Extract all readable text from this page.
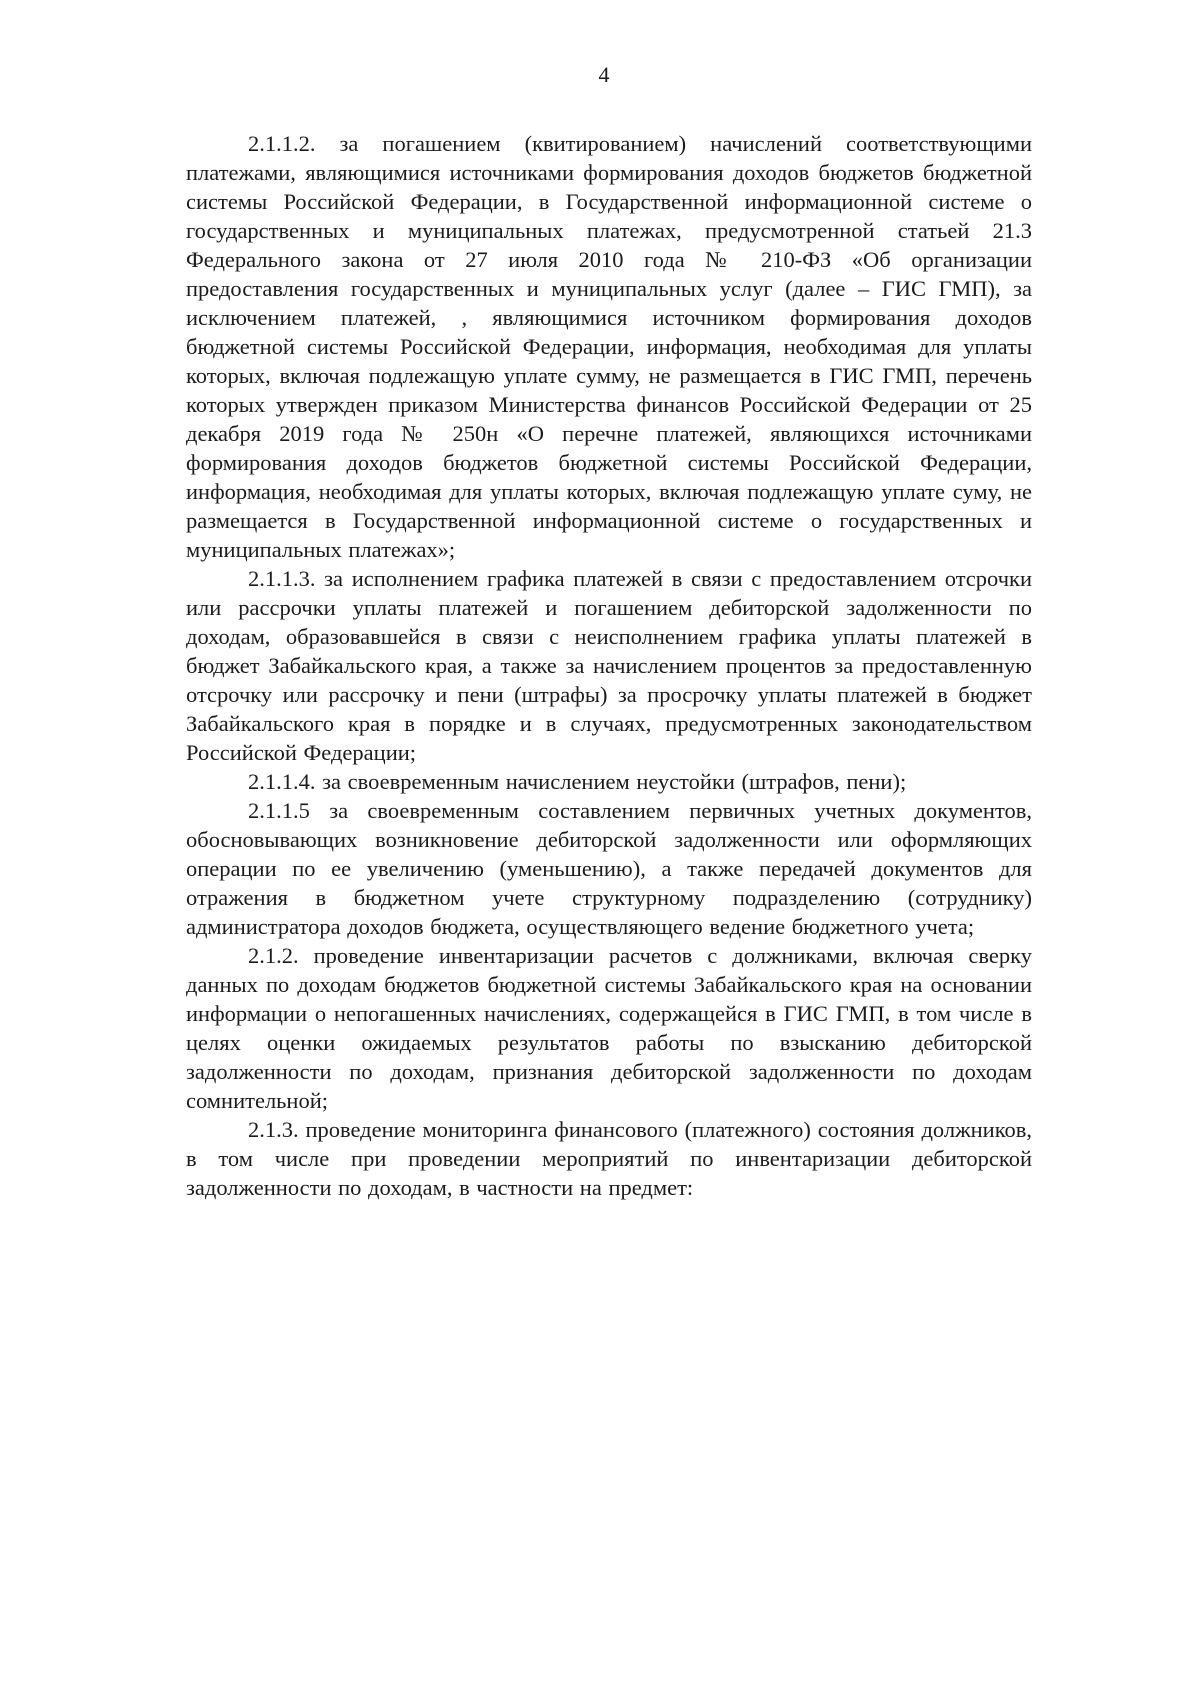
4

2.1.1.2. за погашением (квитированием) начислений соответствующими платежами, являющимися источниками формирования доходов бюджетов бюджетной системы Российской Федерации, в Государственной информационной системе о государственных и муниципальных платежах, предусмотренной статьей 21.3 Федерального закона от 27 июля 2010 года № 210-ФЗ «Об организации предоставления государственных и муниципальных услуг (далее – ГИС ГМП), за исключением платежей, , являющимися источником формирования доходов бюджетной системы Российской Федерации, информация, необходимая для уплаты которых, включая подлежащую уплате сумму, не размещается в ГИС ГМП, перечень которых утвержден приказом Министерства финансов Российской Федерации от 25 декабря 2019 года № 250н «О перечне платежей, являющихся источниками формирования доходов бюджетов бюджетной системы Российской Федерации, информация, необходимая для уплаты которых, включая подлежащую уплате суму, не размещается в Государственной информационной системе о государственных и муниципальных платежах»;

2.1.1.3. за исполнением графика платежей в связи с предоставлением отсрочки или рассрочки уплаты платежей и погашением дебиторской задолженности по доходам, образовавшейся в связи с неисполнением графика уплаты платежей в бюджет Забайкальского края, а также за начислением процентов за предоставленную отсрочку или рассрочку и пени (штрафы) за просрочку уплаты платежей в бюджет Забайкальского края в порядке и в случаях, предусмотренных законодательством Российской Федерации;

2.1.1.4. за своевременным начислением неустойки (штрафов, пени);

2.1.1.5 за своевременным составлением первичных учетных документов, обосновывающих возникновение дебиторской задолженности или оформляющих операции по ее увеличению (уменьшению), а также передачей документов для отражения в бюджетном учете структурному подразделению (сотруднику) администратора доходов бюджета, осуществляющего ведение бюджетного учета;

2.1.2. проведение инвентаризации расчетов с должниками, включая сверку данных по доходам бюджетов бюджетной системы Забайкальского края на основании информации о непогашенных начислениях, содержащейся в ГИС ГМП, в том числе в целях оценки ожидаемых результатов работы по взысканию дебиторской задолженности по доходам, признания дебиторской задолженности по доходам сомнительной;

2.1.3. проведение мониторинга финансового (платежного) состояния должников, в том числе при проведении мероприятий по инвентаризации дебиторской задолженности по доходам, в частности на предмет:
